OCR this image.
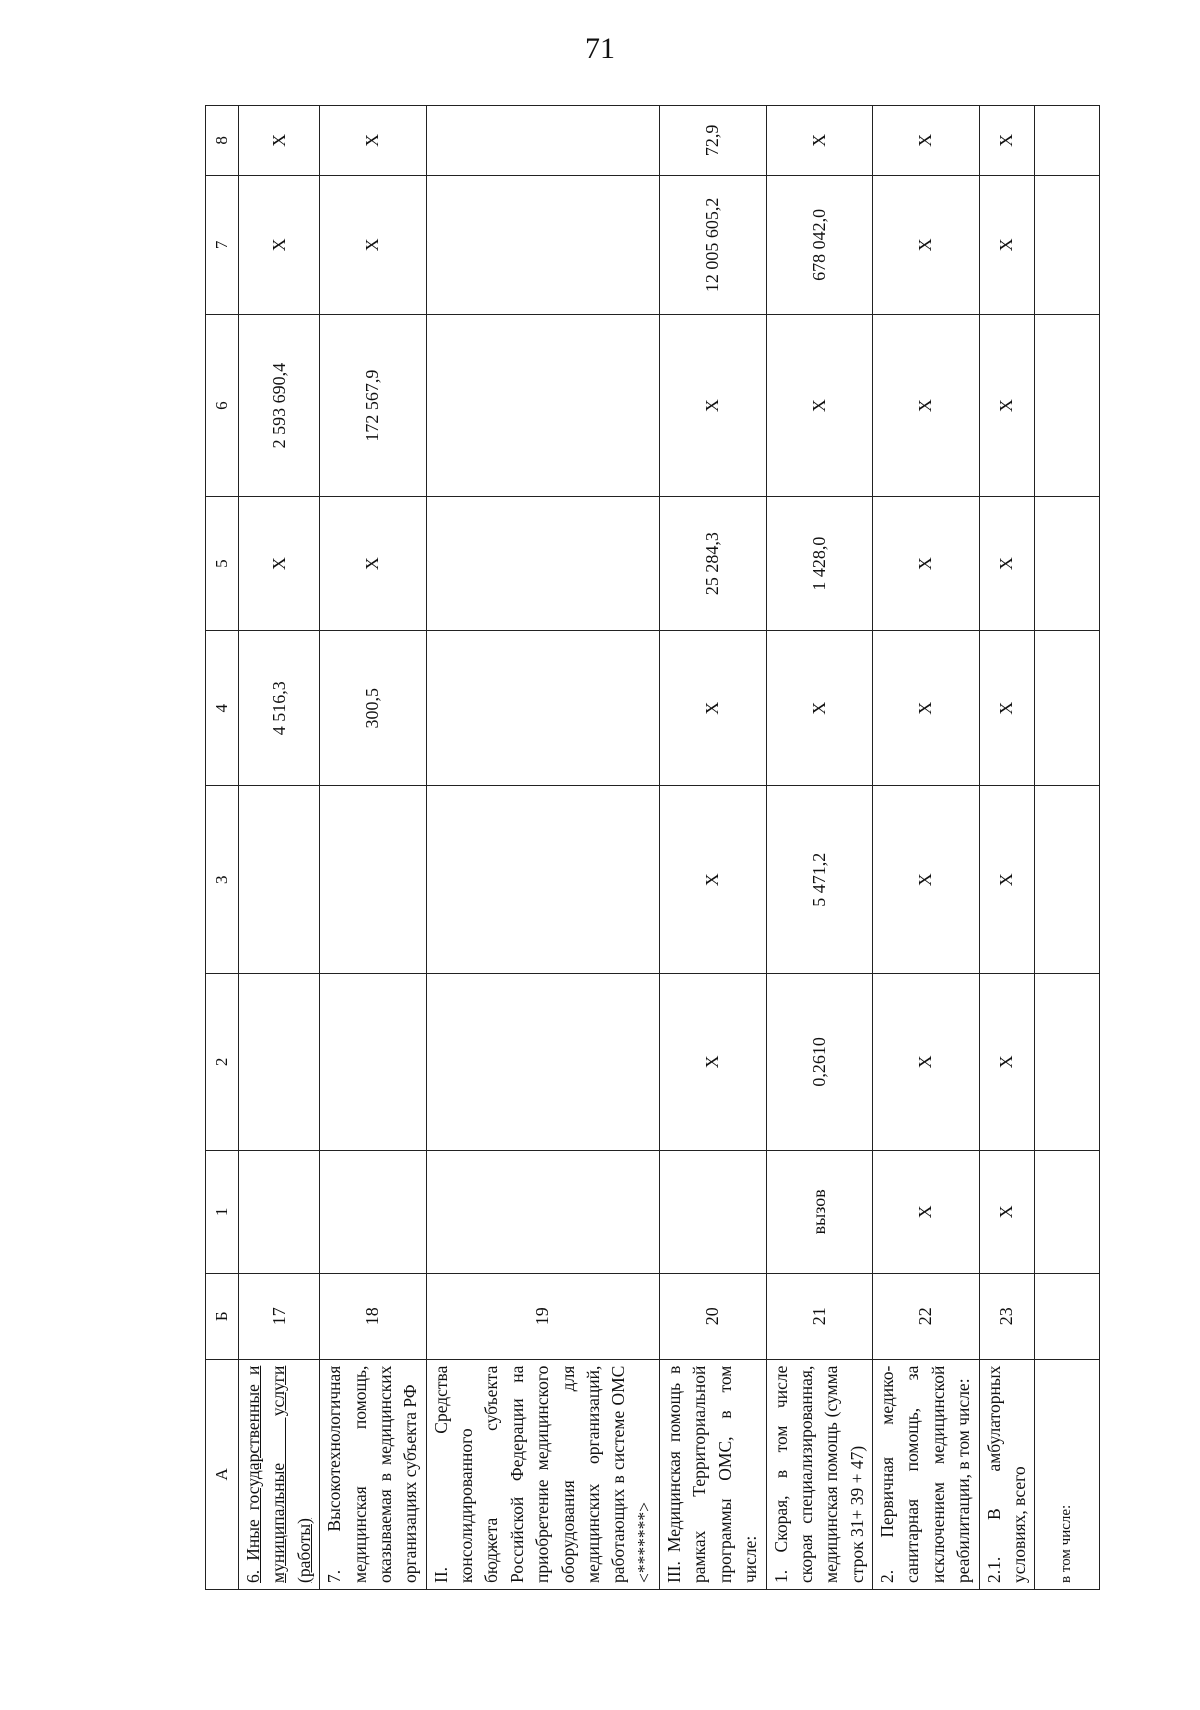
71
А	Б	1	2	3	4	5	6	7	8
6. Иные государственные и муниципальные услуги (работы)	17				4 516,3	Х	2 593 690,4	Х	Х
7. Высокотехнологичная медицинская помощь, оказываемая в медицинских организациях субъекта РФ	18				300,5	Х	172 567,9	Х	Х
II. Средства консолидированного бюджета субъекта Российской Федерации на приобретение медицинского оборудования для медицинских организаций, работающих в системе ОМС <*******>	19								
III. Медицинская помощь в рамках Территориальной программы ОМС, в том числе:	20		Х	Х	Х	25 284,3	Х	12 005 605,2	72,9
1. Скорая, в том числе скорая специализированная, медицинская помощь (сумма строк 31+ 39 + 47)	21	вызов	0,2610	5 471,2	Х	1 428,0	Х	678 042,0	Х
2. Первичная медико-санитарная помощь, за исключением медицинской реабилитации, в том числе:	22	Х	Х	Х	Х	Х	Х	Х	Х
2.1. В амбулаторных условиях, всего	23	Х	Х	Х	Х	Х	Х	Х	Х
в том числе:									
